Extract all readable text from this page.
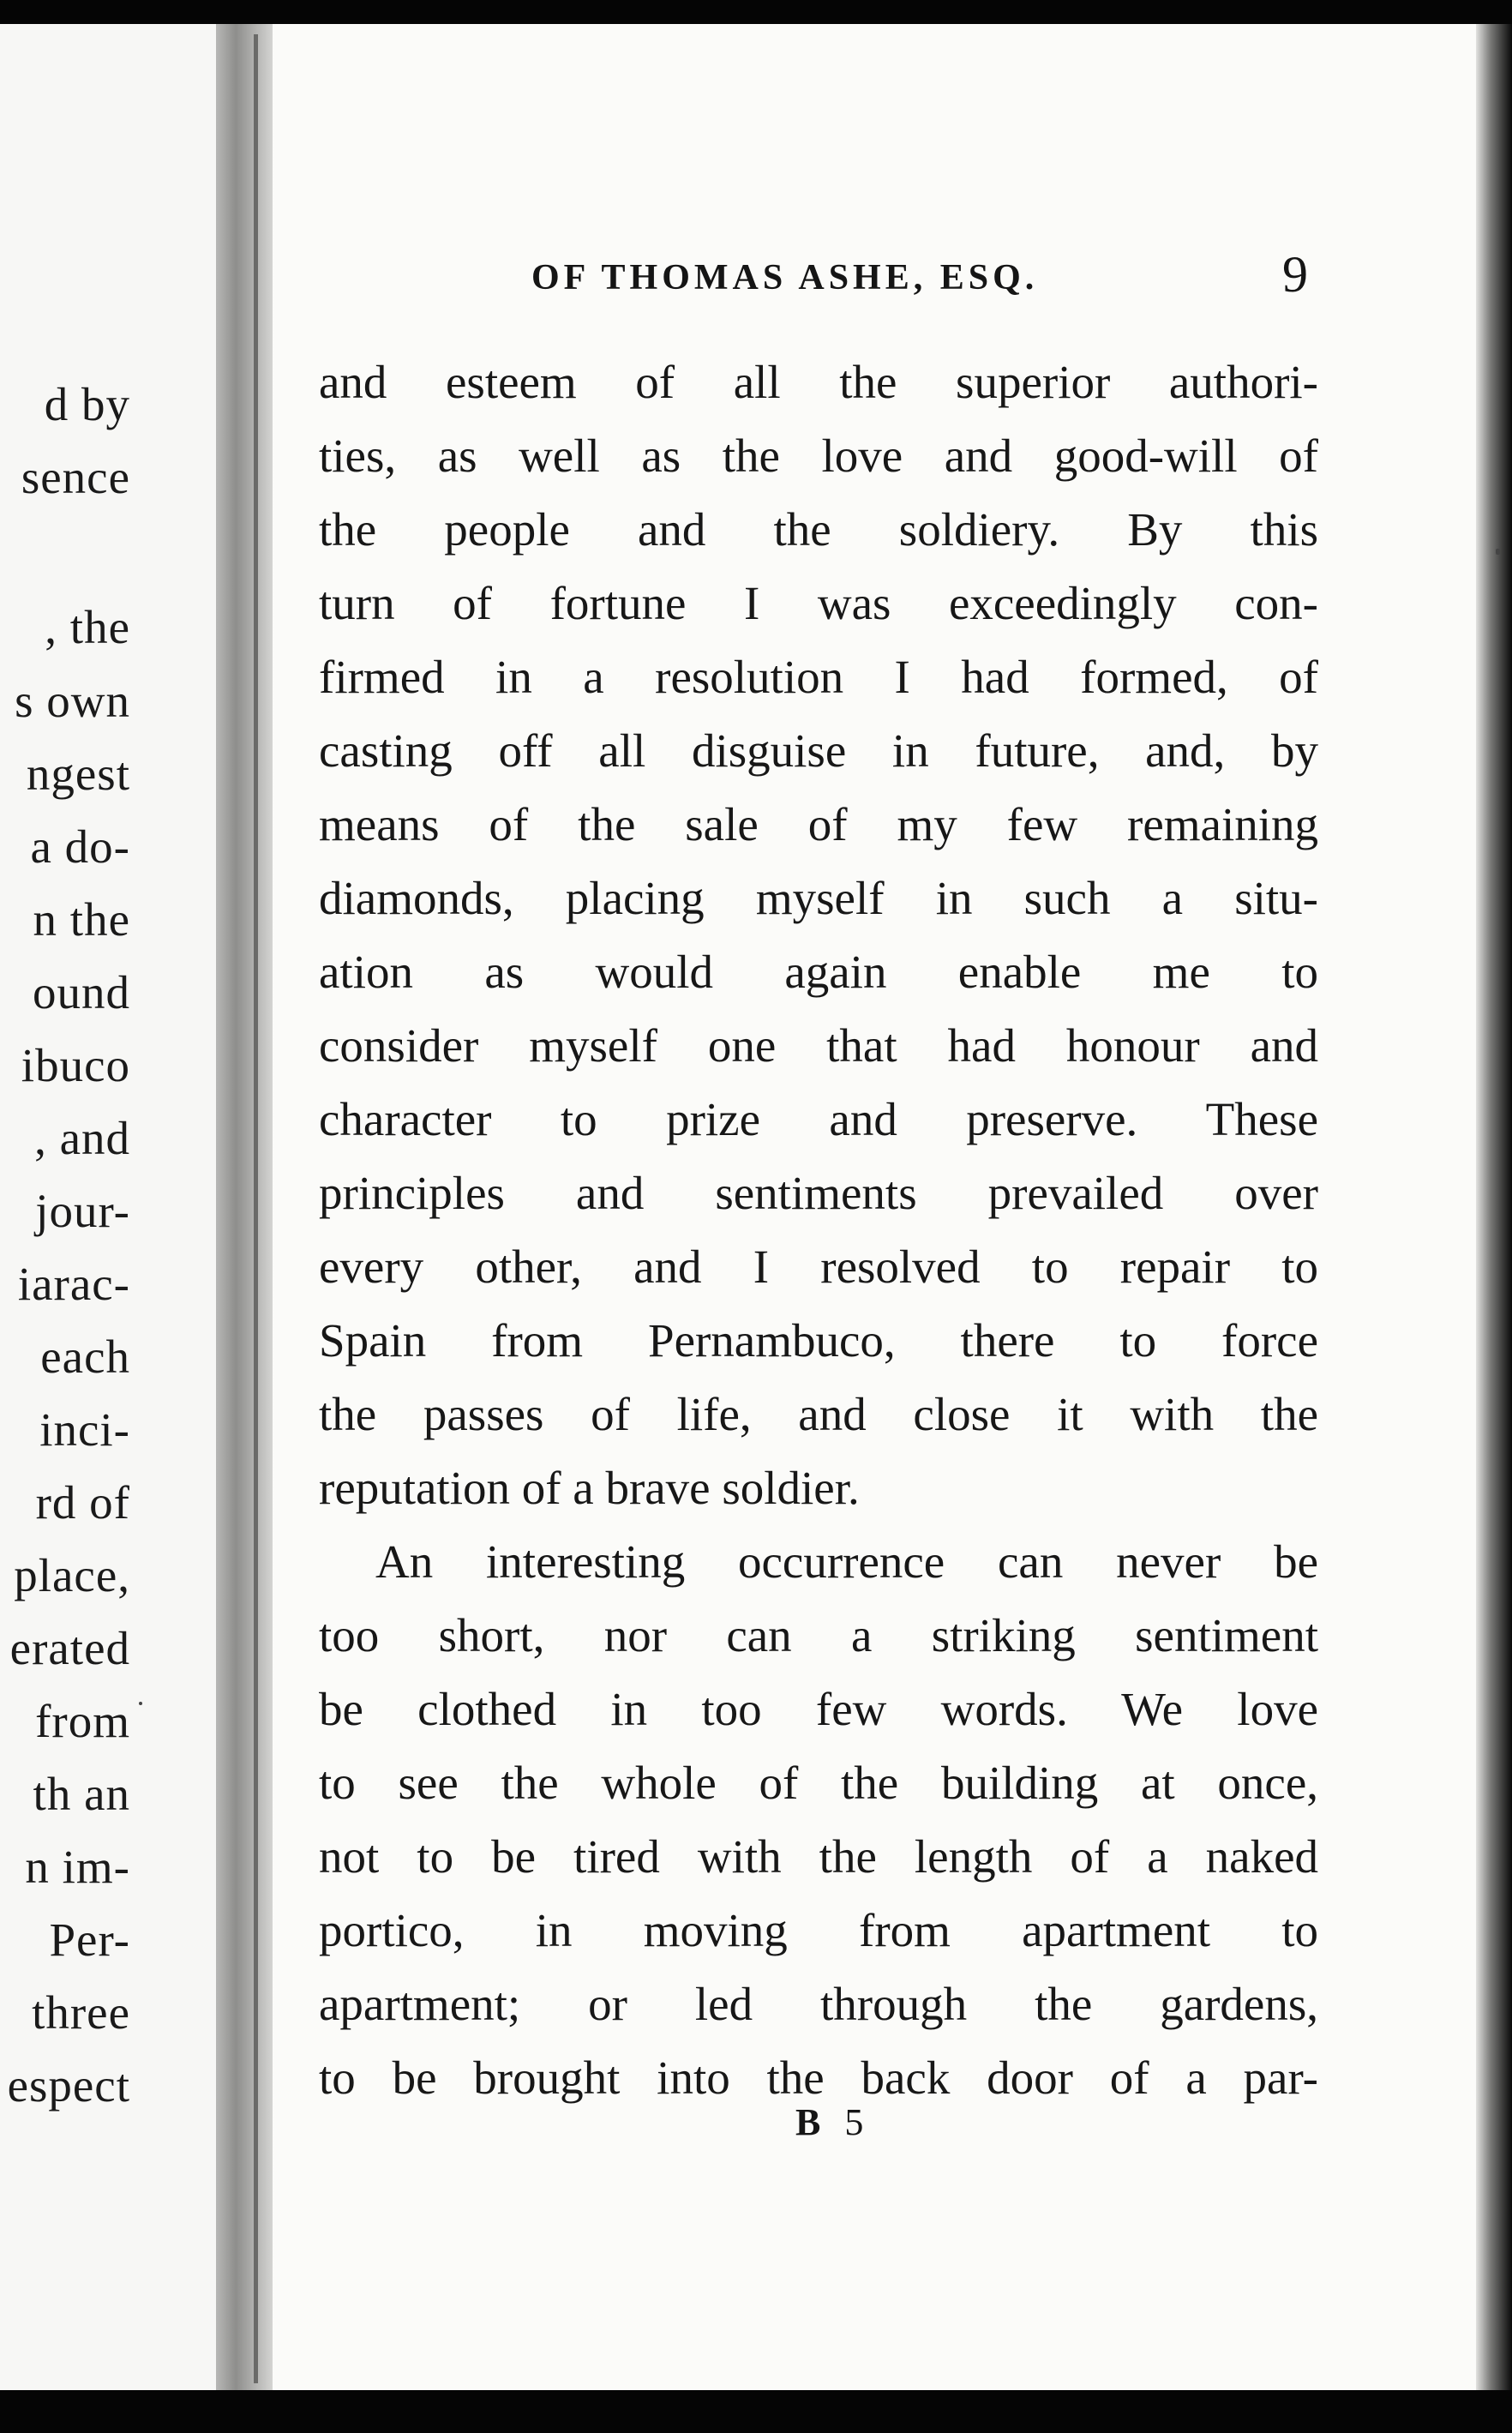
d by
sence
, the
s own
ngest
a do-
n the
ound
ibuco
, and
jour-
iarac-
each
inci-
rd of
place,
erated
from
th an
n im-
Per-
three
espect
OF THOMAS ASHE, ESQ.	9
and esteem of all the superior authori-
ties, as well as the love and good-will of
the people and the soldiery. By this
turn of fortune I was exceedingly con-
firmed in a resolution I had formed, of
casting off all disguise in future, and, by
means of the sale of my few remaining
diamonds, placing myself in such a situ-
ation as would again enable me to
consider myself one that had honour and
character to prize and preserve. These
principles and sentiments prevailed over
every other, and I resolved to repair to
Spain from Pernambuco, there to force
the passes of life, and close it with the
reputation of a brave soldier.
An interesting occurrence can never be
too short, nor can a striking sentiment
be clothed in too few words. We love
to see the whole of the building at once,
not to be tired with the length of a naked
portico, in moving from apartment to
apartment; or led through the gardens,
to be brought into the back door of a par-
B5
